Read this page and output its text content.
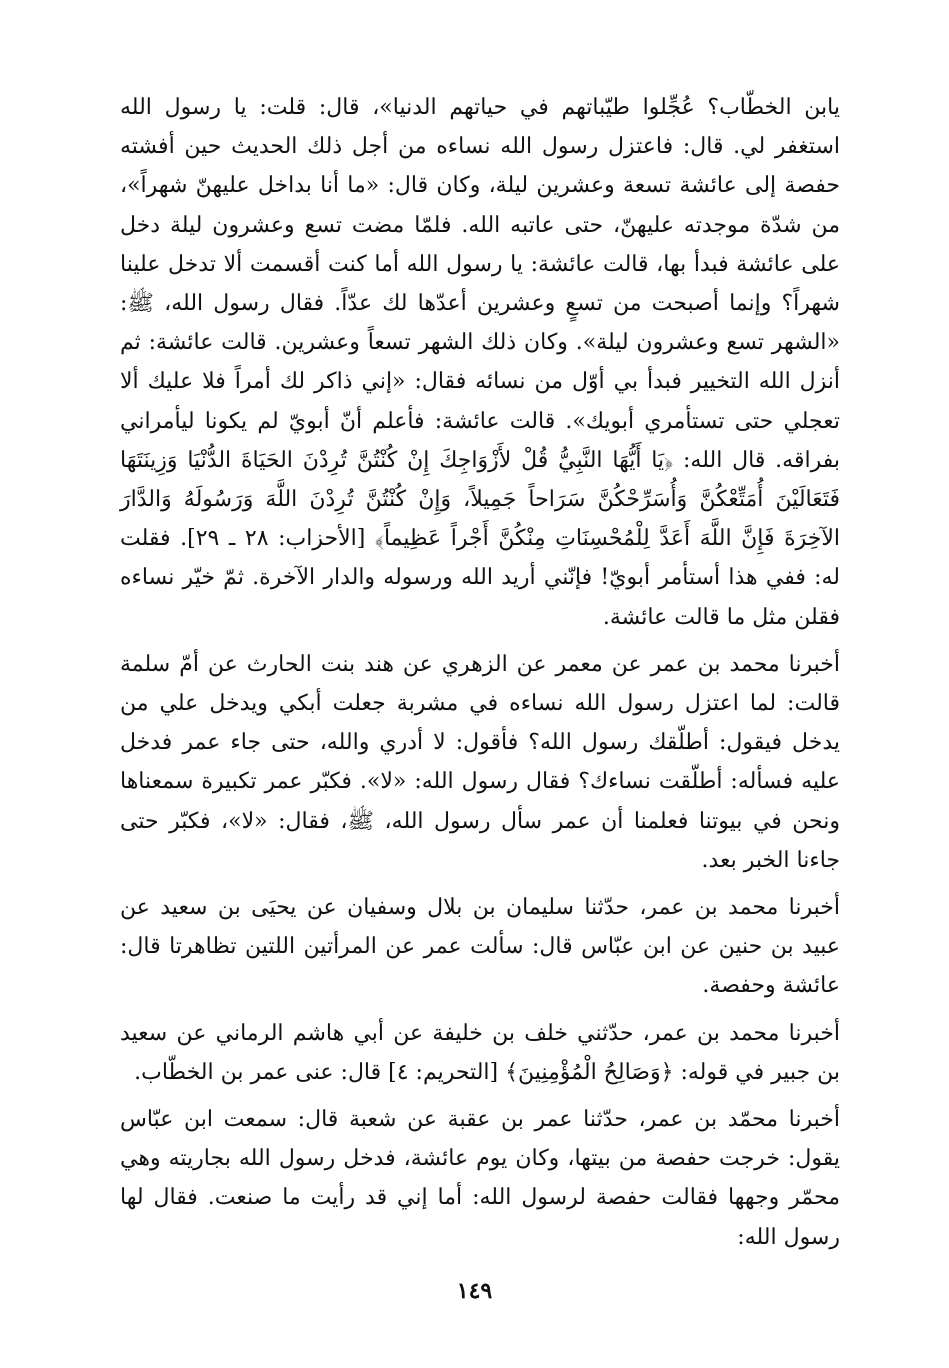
يابن الخطّاب؟ عُجِّلوا طيّباتهم في حياتهم الدنيا»، قال: قلت: يا رسول الله استغفر لي. قال: فاعتزل رسول الله نساءه من أجل ذلك الحديث حين أفشته حفصة إلى عائشة تسعة وعشرين ليلة، وكان قال: «ما أنا بداخل عليهنّ شهراً»، من شدّة موجدته عليهنّ، حتى عاتبه الله. فلمّا مضت تسع وعشرون ليلة دخل على عائشة فبدأ بها، قالت عائشة: يا رسول الله أما كنت أقسمت ألا تدخل علينا شهراً؟ وإنما أصبحت من تسعٍ وعشرين أعدّها لك عدّاً. فقال رسول الله، ﷺ: «الشهر تسع وعشرون ليلة». وكان ذلك الشهر تسعاً وعشرين. قالت عائشة: ثم أنزل الله التخيير فبدأ بي أوّل من نسائه فقال: «إني ذاكر لك أمراً فلا عليك ألا تعجلي حتى تستأمري أبويك». قالت عائشة: فأعلم أنّ أبويّ لم يكونا ليأمراني بفراقه. قال الله: ﴿يَا أَيُّهَا النَّبِيُّ قُلْ لأَزْوَاجِكَ إِنْ كُنْتُنَّ تُرِدْنَ الحَيَاةَ الدُّنْيَا وَزِينَتَهَا فَتَعَالَيْنَ أُمَتِّعْكُنَّ وَأُسَرِّحْكُنَّ سَرَاحاً جَمِيلاً، وَإِنْ كُنْتُنَّ تُرِدْنَ اللَّهَ وَرَسُولَهُ وَالدَّارَ الآخِرَةَ فَإِنَّ اللَّهَ أَعَدَّ لِلْمُحْسِنَاتِ مِنْكُنَّ أَجْراً عَظِيماً﴾ [الأحزاب: ٢٨ ـ ٢٩]. فقلت له: ففي هذا أستأمر أبويّ! فإنّني أريد الله ورسوله والدار الآخرة. ثمّ خيّر نساءه فقلن مثل ما قالت عائشة.

أخبرنا محمد بن عمر عن معمر عن الزهري عن هند بنت الحارث عن أمّ سلمة قالت: لما اعتزل رسول الله نساءه في مشربة جعلت أبكي ويدخل علي من يدخل فيقول: أطلّقك رسول الله؟ فأقول: لا أدري والله، حتى جاء عمر فدخل عليه فسأله: أطلّقت نساءك؟ فقال رسول الله: «لا». فكبّر عمر تكبيرة سمعناها ونحن في بيوتنا فعلمنا أن عمر سأل رسول الله، ﷺ، فقال: «لا»، فكبّر حتى جاءنا الخبر بعد.

أخبرنا محمد بن عمر، حدّثنا سليمان بن بلال وسفيان عن يحيَى بن سعيد عن عبيد بن حنين عن ابن عبّاس قال: سألت عمر عن المرأتين اللتين تظاهرتا قال: عائشة وحفصة.

أخبرنا محمد بن عمر، حدّثني خلف بن خليفة عن أبي هاشم الرماني عن سعيد بن جبير في قوله: ﴿وَصَالِحُ الْمُؤْمِنِينَ﴾ [التحريم: ٤] قال: عنى عمر بن الخطّاب.

أخبرنا محمّد بن عمر، حدّثنا عمر بن عقبة عن شعبة قال: سمعت ابن عبّاس يقول: خرجت حفصة من بيتها، وكان يوم عائشة، فدخل رسول الله بجاريته وهي محمّر وجهها فقالت حفصة لرسول الله: أما إني قد رأيت ما صنعت. فقال لها رسول الله:

١٤٩
